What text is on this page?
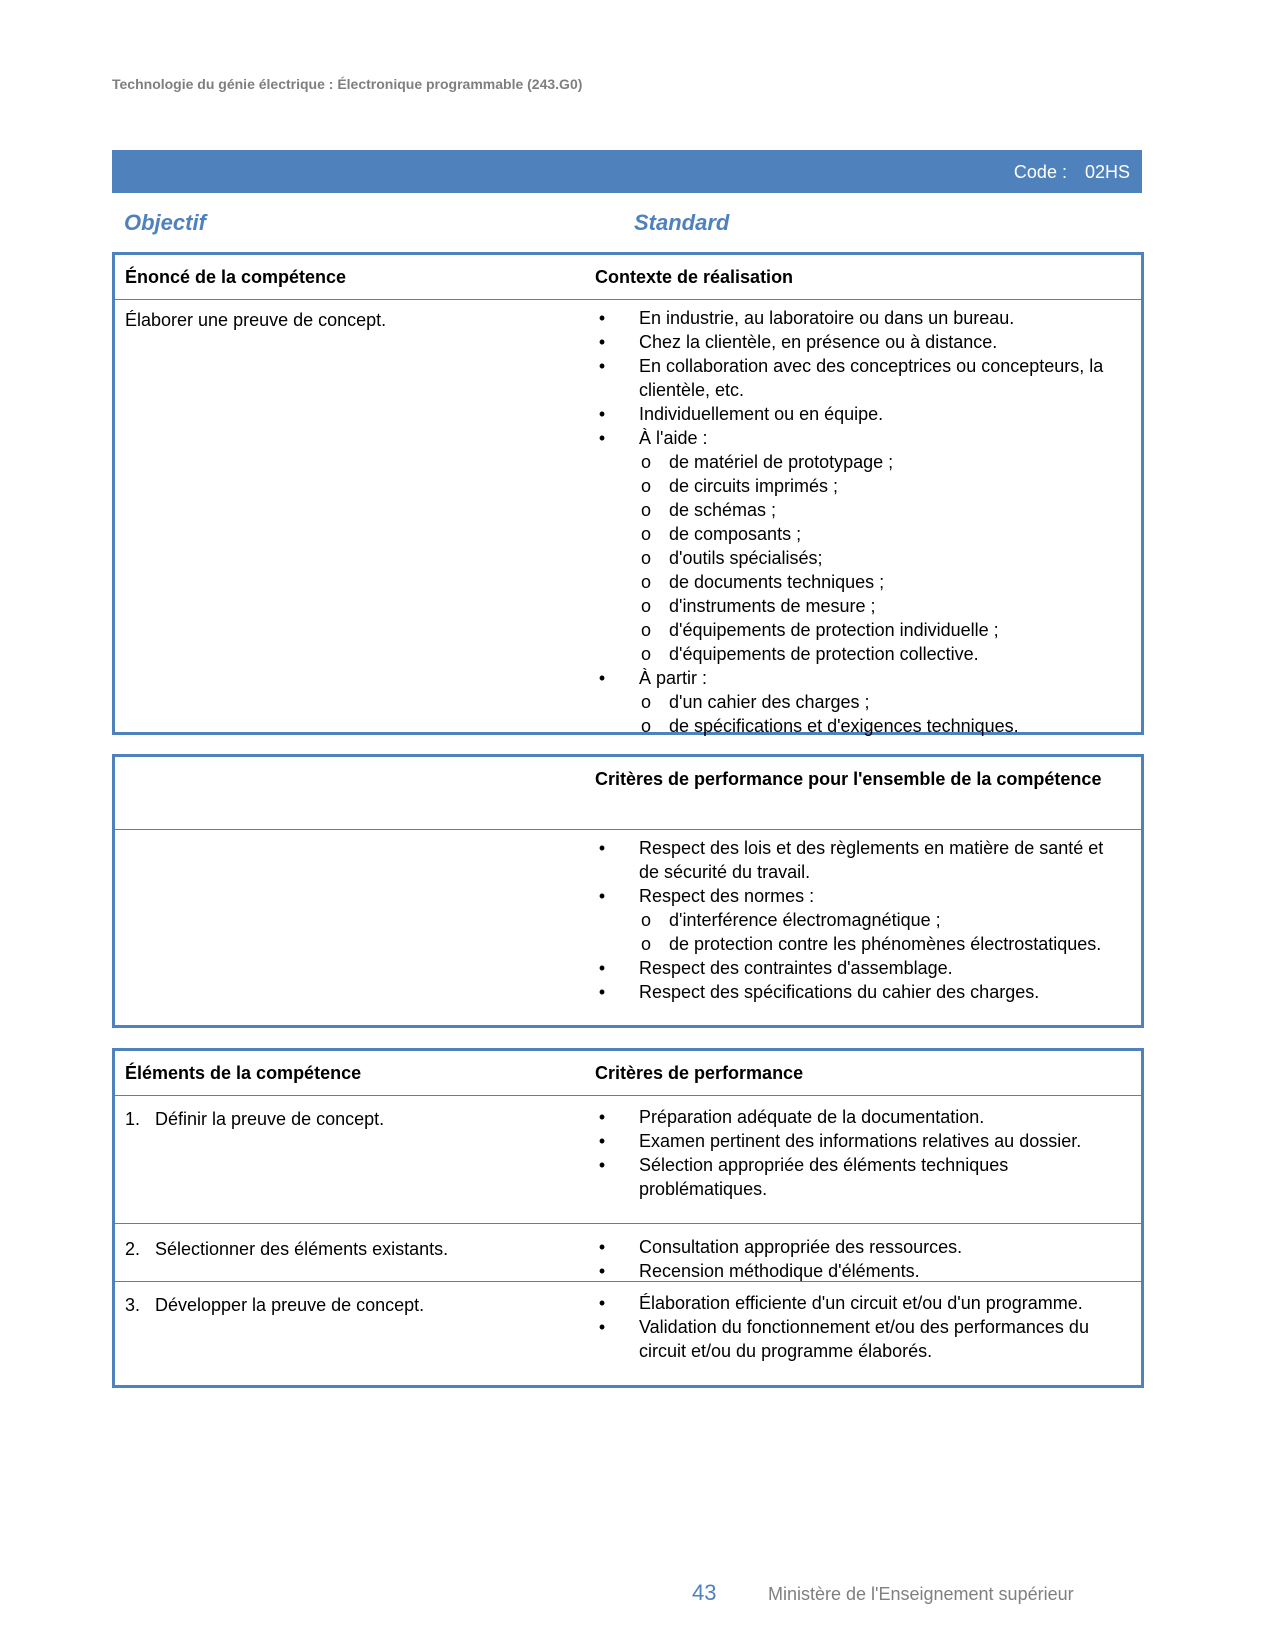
Technologie du génie électrique : Électronique programmable (243.G0)
Code : 02HS
Objectif	Standard
Énoncé de la compétence	Contexte de réalisation
Élaborer une preuve de concept.	• En industrie, au laboratoire ou dans un bureau.
• Chez la clientèle, en présence ou à distance.
• En collaboration avec des conceptrices ou concepteurs, la clientèle, etc.
• Individuellement ou en équipe.
• À l'aide :
o de matériel de prototypage ;
o de circuits imprimés ;
o de schémas ;
o de composants ;
o d'outils spécialisés;
o de documents techniques ;
o d'instruments de mesure ;
o d'équipements de protection individuelle ;
o d'équipements de protection collective.
• À partir :
o d'un cahier des charges ;
o de spécifications et d'exigences techniques.
Critères de performance pour l'ensemble de la compétence
• Respect des lois et des règlements en matière de santé et de sécurité du travail.
• Respect des normes :
o d'interférence électromagnétique ;
o de protection contre les phénomènes électrostatiques.
• Respect des contraintes d'assemblage.
• Respect des spécifications du cahier des charges.
Éléments de la compétence	Critères de performance
1. Définir la preuve de concept.	• Préparation adéquate de la documentation.
• Examen pertinent des informations relatives au dossier.
• Sélection appropriée des éléments techniques problématiques.
2. Sélectionner des éléments existants.	• Consultation appropriée des ressources.
• Recension méthodique d'éléments.
3. Développer la preuve de concept.	• Élaboration efficiente d'un circuit et/ou d'un programme.
• Validation du fonctionnement et/ou des performances du circuit et/ou du programme élaborés.
43	Ministère de l'Enseignement supérieur
